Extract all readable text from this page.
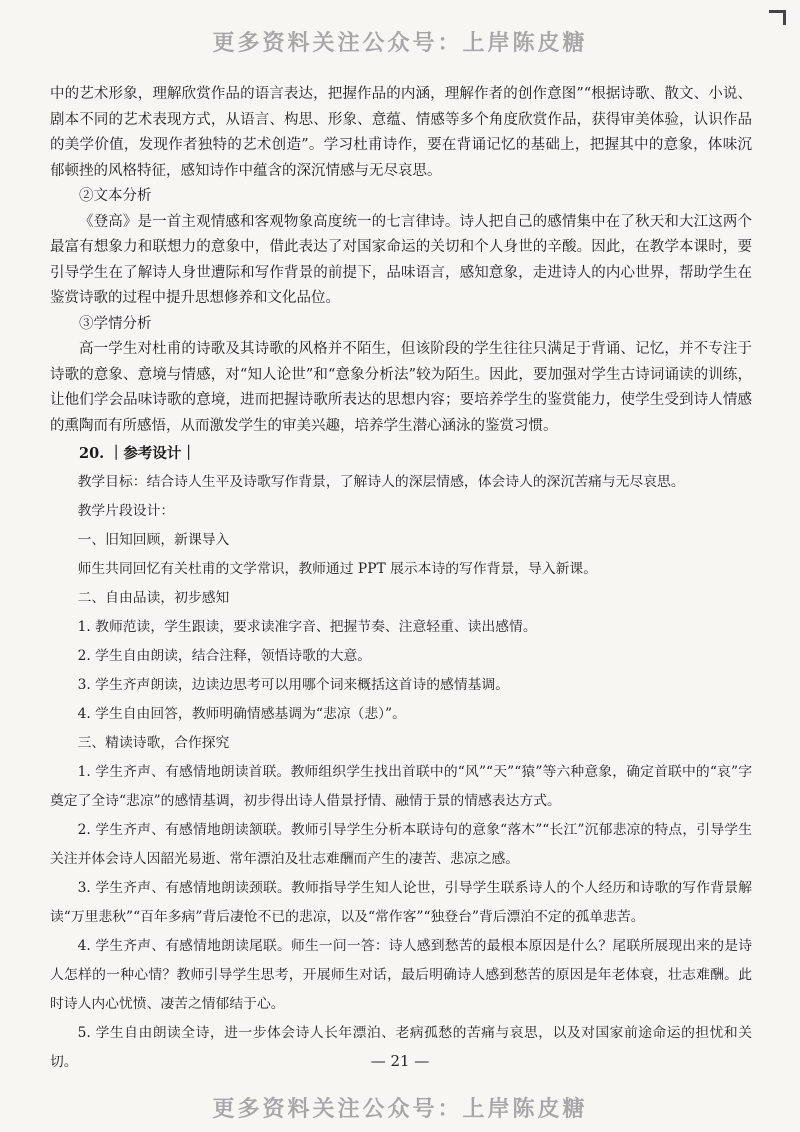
更多资料关注公众号：上岸陈皮糖

中的艺术形象，理解欣赏作品的语言表达，把握作品的内涵，理解作者的创作意图”“根据诗歌、散文、小说、剧本不同的艺术表现方式，从语言、构思、形象、意蕴、情感等多个角度欣赏作品，获得审美体验，认识作品的美学价值，发现作者独特的艺术创造”。学习杜甫诗作，要在背诵记忆的基础上，把握其中的意象，体味沉郁顿挫的风格特征，感知诗作中蕴含的深沉情感与无尽哀思。

②文本分析

《登高》是一首主观情感和客观物象高度统一的七言律诗。诗人把自己的感情集中在了秋天和大江这两个最富有想象力和联想力的意象中，借此表达了对国家命运的关切和个人身世的辛酸。因此，在教学本课时，要引导学生在了解诗人身世遭际和写作背景的前提下，品味语言，感知意象，走进诗人的内心世界，帮助学生在鉴赏诗歌的过程中提升思想修养和文化品位。

③学情分析

高一学生对杜甫的诗歌及其诗歌的风格并不陌生，但该阶段的学生往往只满足于背诵、记忆，并不专注于诗歌的意象、意境与情感，对“知人论世”和“意象分析法”较为陌生。因此，要加强对学生古诗词诵读的训练，让他们学会品味诗歌的意境，进而把握诗歌所表达的思想内容；要培养学生的鉴赏能力，使学生受到诗人情感的熏陶而有所感悟，从而激发学生的审美兴趣，培养学生潜心涵泳的鉴赏习惯。

20. ｜参考设计｜

教学目标：结合诗人生平及诗歌写作背景，了解诗人的深层情感，体会诗人的深沉苦痛与无尽哀思。

教学片段设计：

一、旧知回顾，新课导入

师生共同回忆有关杜甫的文学常识，教师通过 PPT 展示本诗的写作背景，导入新课。

二、自由品读，初步感知

1. 教师范读，学生跟读，要求读准字音、把握节奏、注意轻重、读出感情。

2. 学生自由朗读，结合注释，领悟诗歌的大意。

3. 学生齐声朗读，边读边思考可以用哪个词来概括这首诗的感情基调。

4. 学生自由回答，教师明确情感基调为“悲凉（悲）”。

三、精读诗歌，合作探究

1. 学生齐声、有感情地朗读首联。教师组织学生找出首联中的“风”“天”“猿”等六种意象，确定首联中的“哀”字奠定了全诗“悲凉”的感情基调，初步得出诗人借景抒情、融情于景的情感表达方式。

2. 学生齐声、有感情地朗读颔联。教师引导学生分析本联诗句的意象“落木”“长江”沉郁悲凉的特点，引导学生关注并体会诗人因韶光易逝、常年漂泊及壮志难酬而产生的凄苦、悲凉之感。

3. 学生齐声、有感情地朗读颈联。教师指导学生知人论世，引导学生联系诗人的个人经历和诗歌的写作背景解读“万里悲秋”“百年多病”背后凄怆不已的悲凉，以及“常作客”“独登台”背后漂泊不定的孤单悲苦。

4. 学生齐声、有感情地朗读尾联。师生一问一答：诗人感到愁苦的最根本原因是什么？尾联所展现出来的是诗人怎样的一种心情？教师引导学生思考，开展师生对话，最后明确诗人感到愁苦的原因是年老体衰，壮志难酬。此时诗人内心忧愤、凄苦之情郁结于心。

5. 学生自由朗读全诗，进一步体会诗人长年漂泊、老病孤愁的苦痛与哀思，以及对国家前途命运的担忧和关切。	— 21 —
更多资料关注公众号：上岸陈皮糖
